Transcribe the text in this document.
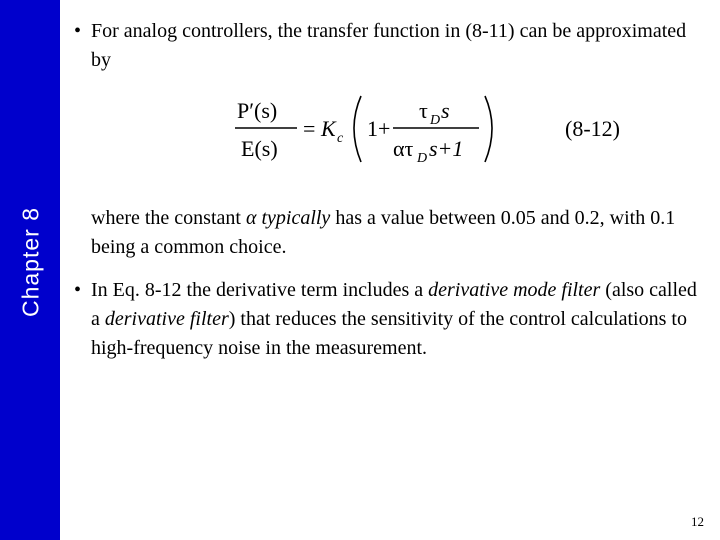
Chapter 8
• For analog controllers, the transfer function in (8-11) can be approximated by
P′(s)
E(s)
= K c 1+
τ D s
ατ D s+1
(8-12)
where the constant α typically has a value between 0.05 and 0.2, with 0.1 being a common choice.
• In Eq. 8-12 the derivative term includes a derivative mode filter (also called a derivative filter) that reduces the sensitivity of the control calculations to high-frequency noise in the measurement.
12
